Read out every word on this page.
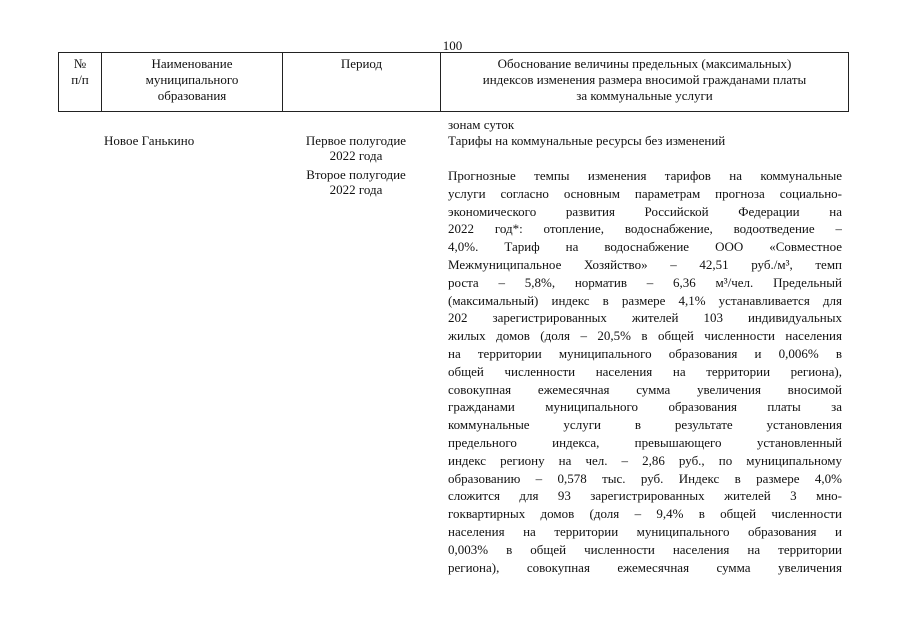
100
№
п/п
Наименование
муниципального
образования
Период	Обоснование величины предельных (максимальных)
индексов изменения размера вносимой гражданами платы
за коммунальные услуги
зонам суток
Новое Ганькино	Первое полугодие
2022 года
Тарифы на коммунальные ресурсы без изменений
Второе полугодие
2022 года
Прогнозные темпы изменения тарифов на коммунальные
услуги согласно основным параметрам прогноза социально-
экономического развития Российской Федерации на
2022 год*: отопление, водоснабжение, водоотведение –
4,0%. Тариф на водоснабжение ООО «Совместное
Межмуниципальное Хозяйство» – 42,51 руб./м³, темп
роста – 5,8%, норматив – 6,36 м³/чел. Предельный
(максимальный) индекс в размере 4,1% устанавливается для
202 зарегистрированных жителей 103 индивидуальных
жилых домов (доля – 20,5% в общей численности населения
на территории муниципального образования и 0,006% в
общей численности населения на территории региона),
совокупная ежемесячная сумма увеличения вносимой
гражданами муниципального образования платы за
коммунальные услуги в результате установления
предельного индекса, превышающего установленный
индекс региону на чел. – 2,86 руб., по муниципальному
образованию – 0,578 тыс. руб. Индекс в размере 4,0%
сложится для 93 зарегистрированных жителей 3 мно-
гоквартирных домов (доля – 9,4% в общей численности
населения на территории муниципального образования и
0,003% в общей численности населения на территории
региона), совокупная ежемесячная сумма увеличения
